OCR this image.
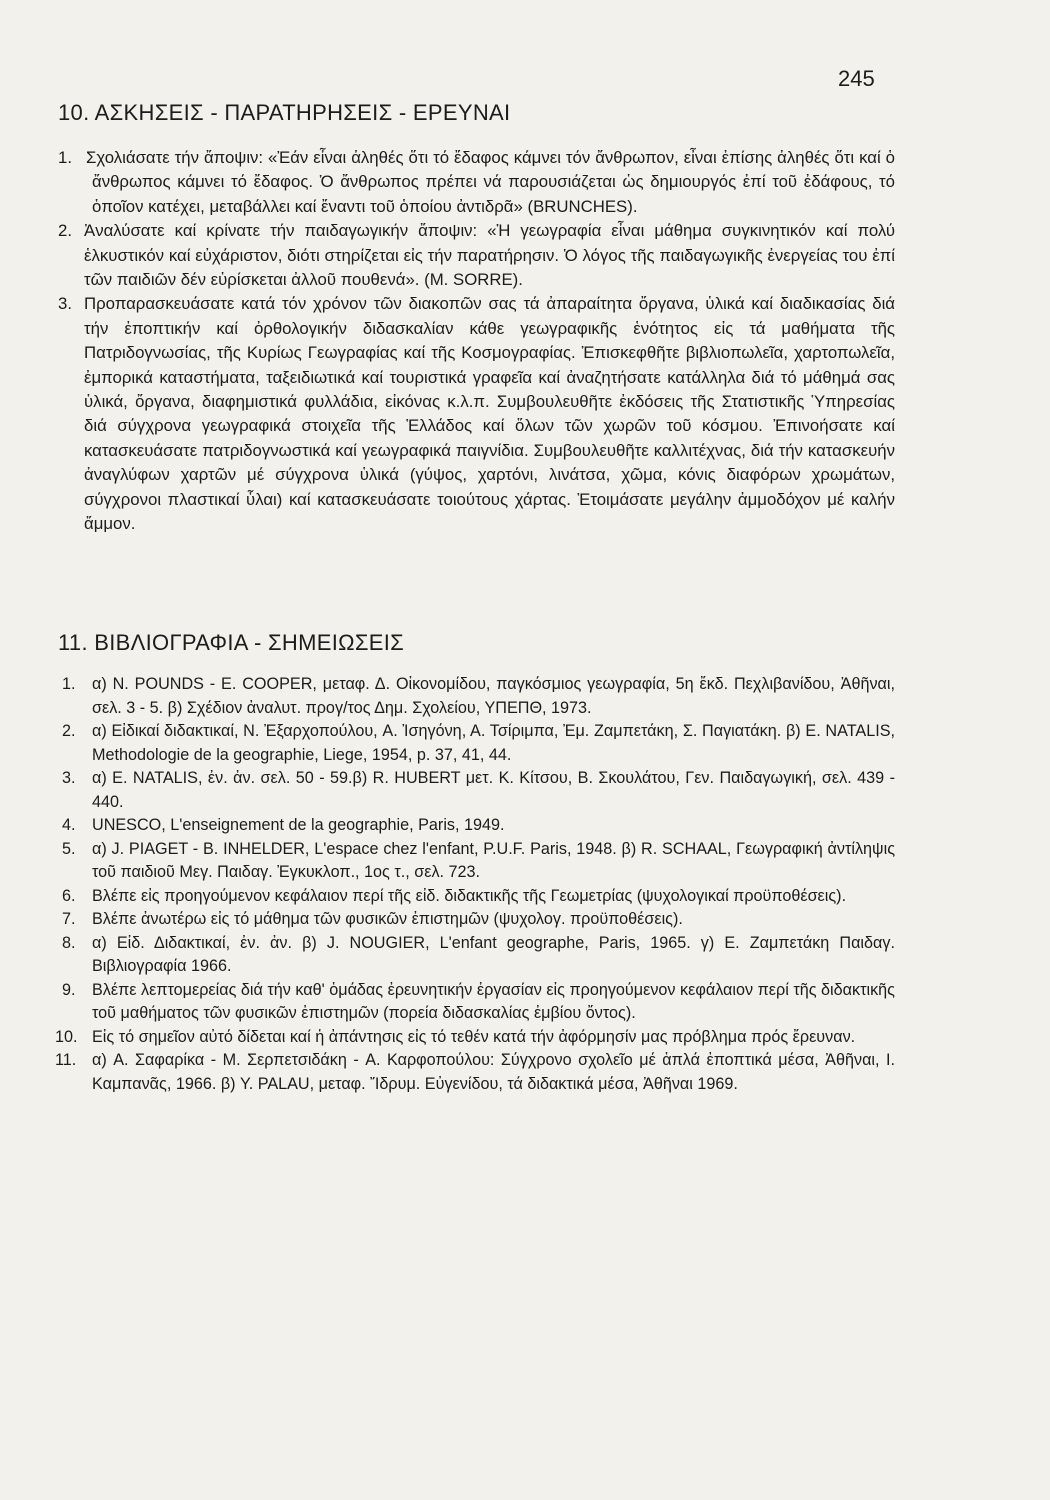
245
10. ΑΣΚΗΣΕΙΣ - ΠΑΡΑΤΗΡΗΣΕΙΣ - ΕΡΕΥΝΑΙ
1. Σχολιάσατε τήν ἄποψιν: «Ἐάν εἶναι ἀληθές ὅτι τό ἔδαφος κάμνει τόν ἄνθρωπον, εἶναι ἐπίσης ἀληθές ὅτι καί ὁ ἄνθρωπος κάμνει τό ἔδαφος. Ὁ ἄνθρωπος πρέπει νά παρουσιάζεται ὡς δημιουργός ἐπί τοῦ ἐδάφους, τό ὁποῖον κατέχει, μεταβάλλει καί ἔναντι τοῦ ὁποίου ἀντιδρᾶ» (BRUNCHES).
2. Ἀναλύσατε καί κρίνατε τήν παιδαγωγικήν ἄποψιν: «Ἡ γεωγραφία εἶναι μάθημα συγκινητικόν καί πολύ ἑλκυστικόν καί εὐχάριστον, διότι στηρίζεται εἰς τήν παρατήρησιν. Ὁ λόγος τῆς παιδαγωγικῆς ἐνεργείας του ἐπί τῶν παιδιῶν δέν εὑρίσκεται ἀλλοῦ πουθενά». (M. SORRE).
3. Προπαρασκευάσατε κατά τόν χρόνον τῶν διακοπῶν σας τά ἀπαραίτητα ὄργανα, ὑλικά καί διαδικασίας διά τήν ἐποπτικήν καί ὀρθολογικήν διδασκαλίαν κάθε γεωγραφικῆς ἑνότητος εἰς τά μαθήματα τῆς Πατριδογνωσίας, τῆς Κυρίως Γεωγραφίας καί τῆς Κοσμογραφίας. Ἐπισκεφθῆτε βιβλιοπωλεῖα, χαρτοπωλεῖα, ἐμπορικά καταστήματα, ταξειδιωτικά καί τουριστικά γραφεῖα καί ἀναζητήσατε κατάλληλα διά τό μάθημά σας ὑλικά, ὄργανα, διαφημιστικά φυλλάδια, εἰκόνας κ.λ.π. Συμβουλευθῆτε ἐκδόσεις τῆς Στατιστικῆς Ὑπηρεσίας διά σύγχρονα γεωγραφικά στοιχεῖα τῆς Ἑλλάδος καί ὅλων τῶν χωρῶν τοῦ κόσμου. Ἐπινοήσατε καί κατασκευάσατε πατριδογνωστικά καί γεωγραφικά παιγνίδια. Συμβουλευθῆτε καλλιτέχνας, διά τήν κατασκευήν ἀναγλύφων χαρτῶν μέ σύγχρονα ὑλικά (γύψος, χαρτόνι, λινάτσα, χῶμα, κόνις διαφόρων χρωμάτων, σύγχρονοι πλαστικαί ὗλαι) καί κατασκευάσατε τοιούτους χάρτας. Ἑτοιμάσατε μεγάλην ἀμμοδόχον μέ καλήν ἄμμον.
11. ΒΙΒΛΙΟΓΡΑΦΙΑ - ΣΗΜΕΙΩΣΕΙΣ
1. α) N. POUNDS - E. COOPER, μεταφ. Δ. Οἰκονομίδου, παγκόσμιος γεωγραφία, 5η ἔκδ. Πεχλιβανίδου, Ἀθῆναι, σελ. 3 - 5. β) Σχέδιον ἀναλυτ. προγ/τος Δημ. Σχολείου, ΥΠΕΠΘ, 1973.
2. α) Εἰδικαί διδακτικαί, N. Ἐξαρχοπούλου, A. Ἰσηγόνη, Α. Τσίριμπα, Ἐμ. Ζαμπετάκη, Σ. Παγιατάκη. β) E. NATALIS, Methodologie de la geographie, Liege, 1954, p. 37, 41, 44.
3. α) E. NATALIS, ἐν. ἀν. σελ. 50 - 59.β) R. HUBERT μετ. K. Κίτσου, B. Σκουλάτου, Γεν. Παιδαγωγική, σελ. 439 - 440.
4. UNESCO, L'enseignement de la geographie, Paris, 1949.
5. α) J. PIAGET - B. INHELDER, L'espace chez l'enfant, P.U.F. Paris, 1948. β) R. SCHAAL, Γεωγραφική ἀντίληψις τοῦ παιδιοῦ Μεγ. Παιδαγ. Ἐγκυκλοπ., 1ος τ., σελ. 723.
6. Βλέπε εἰς προηγούμενον κεφάλαιον περί τῆς εἰδ. διδακτικῆς τῆς Γεωμετρίας (ψυχολογικαί προϋποθέσεις).
7. Βλέπε ἀνωτέρω εἰς τό μάθημα τῶν φυσικῶν ἐπιστημῶν (ψυχολογ. προϋποθέσεις).
8. α) Εἰδ. Διδακτικαί, ἐν. ἀν. β) J. NOUGIER, L'enfant geographe, Paris, 1965. γ) E. Ζαμπετάκη Παιδαγ. Βιβλιογραφία 1966.
9. Βλέπε λεπτομερείας διά τήν καθ' ὁμάδας ἐρευνητικήν ἐργασίαν εἰς προηγούμενον κεφάλαιον περί τῆς διδακτικῆς τοῦ μαθήματος τῶν φυσικῶν ἐπιστημῶν (πορεία διδασκαλίας ἐμβίου ὄντος).
10. Εἰς τό σημεῖον αὐτό δίδεται καί ἡ ἀπάντησις εἰς τό τεθέν κατά τήν ἀφόρμησίν μας πρόβλημα πρός ἔρευναν.
11. α) A. Σαφαρίκα - M. Σερπετσιδάκη - A. Καρφοπούλου: Σύγχρονο σχολεῖο μέ ἁπλά ἐποπτικά μέσα, Ἀθῆναι, I. Καμπανᾶς, 1966. β) Y. PALAU, μεταφ. Ἴδρυμ. Εὐγενίδου, τά διδακτικά μέσα, Ἀθῆναι 1969.
